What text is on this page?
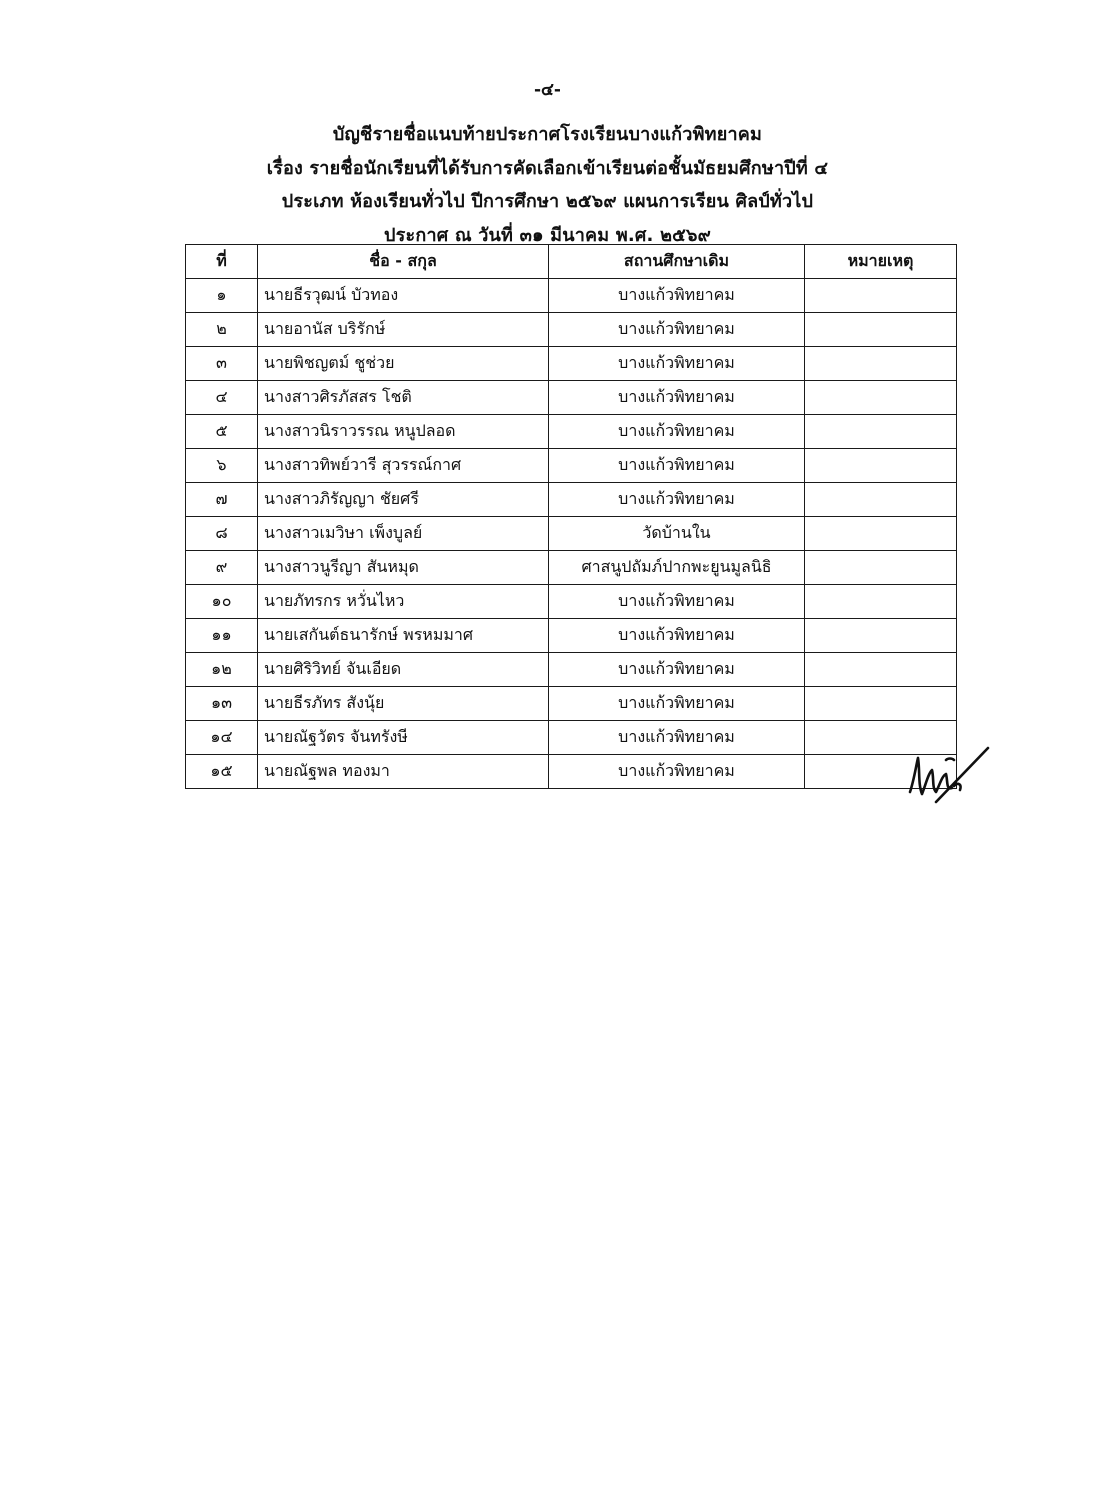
-๔-
บัญชีรายชื่อแนบท้ายประกาศโรงเรียนบางแก้วพิทยาคม
เรื่อง รายชื่อนักเรียนที่ได้รับการคัดเลือกเข้าเรียนต่อชั้นมัธยมศึกษาปีที่ ๔
ประเภท ห้องเรียนทั่วไป ปีการศึกษา ๒๕๖๙ แผนการเรียน ศิลป์ทั่วไป
ประกาศ ณ วันที่ ๓๑ มีนาคม พ.ศ. ๒๕๖๙
ที่	ชื่อ - สกุล	สถานศึกษาเดิม	หมายเหตุ
๑	นายธีรวุฒน์ บัวทอง	บางแก้วพิทยาคม	
๒	นายอานัส บริรักษ์	บางแก้วพิทยาคม	
๓	นายพิชญตม์ ชูช่วย	บางแก้วพิทยาคม	
๔	นางสาวศิรภัสสร โชติ	บางแก้วพิทยาคม	
๕	นางสาวนิราวรรณ หนูปลอด	บางแก้วพิทยาคม	
๖	นางสาวทิพย์วารี สุวรรณ์กาศ	บางแก้วพิทยาคม	
๗	นางสาวภิรัญญา ชัยศรี	บางแก้วพิทยาคม	
๘	นางสาวเมวิษา เพ็งบูลย์	วัดบ้านใน	
๙	นางสาวนูรีญา สันหมุด	ศาสนูปถัมภ์ปากพะยูนมูลนิธิ	
๑๐	นายภัทรกร หวั่นไหว	บางแก้วพิทยาคม	
๑๑	นายเสกันต์ธนารักษ์ พรหมมาศ	บางแก้วพิทยาคม	
๑๒	นายศิริวิทย์ จันเอียด	บางแก้วพิทยาคม	
๑๓	นายธีรภัทร สังนุ้ย	บางแก้วพิทยาคม	
๑๔	นายณัฐวัตร จันทรังษี	บางแก้วพิทยาคม	
๑๕	นายณัฐพล ทองมา	บางแก้วพิทยาคม	
